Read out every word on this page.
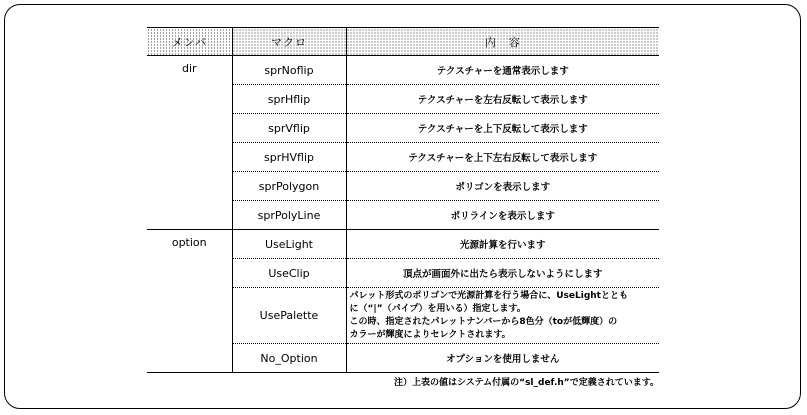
メンバ	マクロ	内　容
dir	sprNoflip	テクスチャーを通常表示します
	sprHflip	テクスチャーを左右反転して表示します
	sprVflip	テクスチャーを上下反転して表示します
	sprHVflip	テクスチャーを上下左右反転して表示します
	sprPolygon	ポリゴンを表示します
	sprPolyLine	ポリラインを表示します
option	UseLight	光源計算を行います
	UseClip	頂点が画面外に出たら表示しないようにします
	UsePalette	パレット形式のポリゴンで光源計算を行う場合に、UseLightととも
に（“|”（パイプ）を用いる）指定します。
この時、指定されたパレットナンバーから8色分（toが低輝度）の
カラーが輝度によりセレクトされます。

	No_Option	オプションを使用しません
注）上表の値はシステム付属の“sl_def.h”で定義されています。
